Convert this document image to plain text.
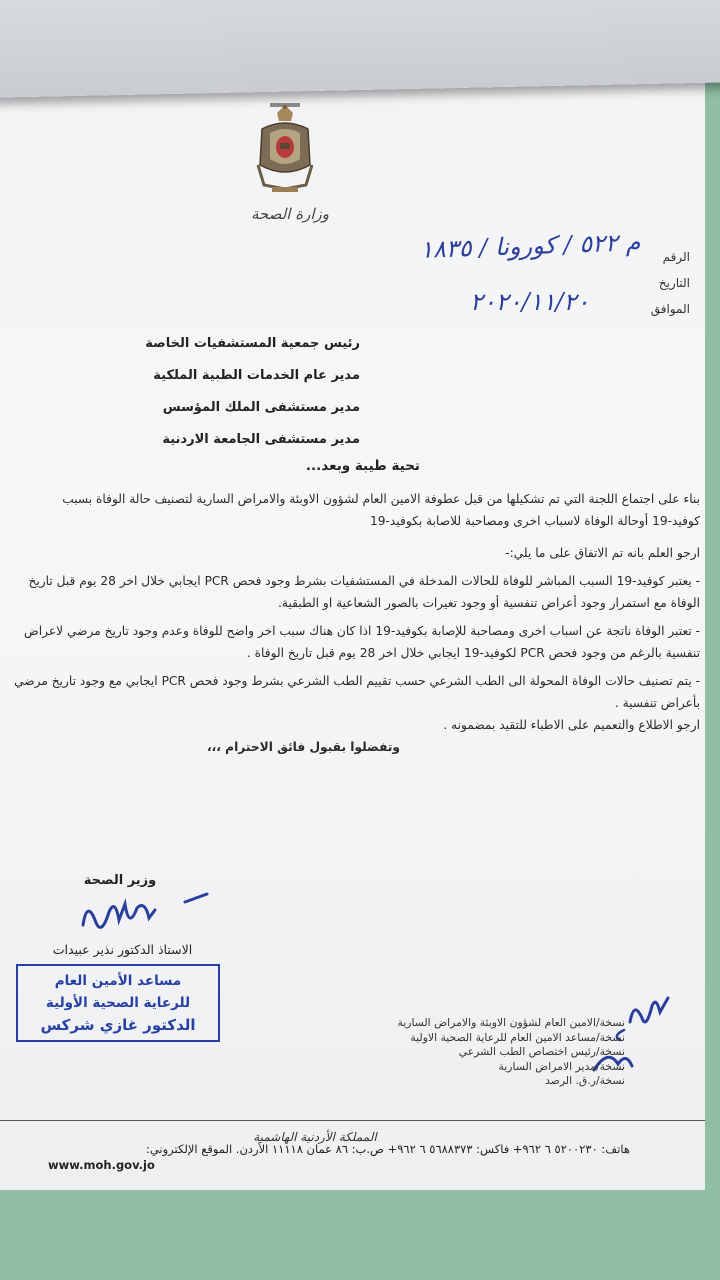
وزارة الصحة
الرقم
التاريخ
الموافق
م ٥٢٢ / كورونا / ١٨٣٥
٢٠٢٠/١١/٢٠
رئيس جمعية المستشفيات الخاصة
مدير عام الخدمات الطبية الملكية
مدير مستشفى الملك المؤسس
مدير مستشفى الجامعة الاردنية
تحية طيبة وبعد...

بناء على اجتماع اللجنة التي تم تشكيلها من قبل عطوفة الامين العام لشؤون الاوبئة والامراض السارية لتصنيف حالة الوفاة بسبب كوفيد-19 أوحالة الوفاة لاسباب اخرى ومصاحبة للاصابة بكوفيد-19

ارجو العلم بانه تم الاتفاق على ما يلي:-

- يعتبر كوفيد-19 السبب المباشر للوفاة للحالات المدخلة في المستشفيات بشرط وجود فحص PCR ايجابي خلال اخر 28 يوم قبل تاريخ الوفاة مع استمرار وجود أعراض تنفسية أو وجود تغيرات بالصور الشعاعية او الطبقية.

- تعتبر الوفاة ناتجة عن اسباب اخرى ومصاحبة للإصابة بكوفيد-19 اذا كان هناك سبب اخر واضح للوفاة وعدم وجود تاريخ مرضي لاعراض تنفسية بالرغم من وجود فحص PCR لكوفيد-19 ايجابي خلال اخر 28 يوم قبل تاريخ الوفاة .

- يتم تصنيف حالات الوفاة المحولة الى الطب الشرعي حسب تقييم الطب الشرعي بشرط وجود فحص PCR ايجابي مع وجود تاريخ مرضي بأعراض تنفسية .

ارجو الاطلاع والتعميم على الاطباء للتقيد بمضمونه .

وتفضلوا بقبول فائق الاحترام ،،،

وزير الصحة
الاستاذ الدكتور نذير عبيدات
مساعد الأمين العام
للرعاية الصحية الأولية
الدكتور غازي شركس	نسخة/الامين العام لشؤون الاوبئة والامراض السارية
نسخة/مساعد الامين العام للرعاية الصحية الاولية
نسخة/رئيس اختصاص الطب الشرعي
نسخة/مدير الامراض السارية
نسخة/ر.ق. الرصد
المملكة الأردنية الهاشمية
هاتف: ٥٢٠٠٢٣٠ ٦ ٩٦٢+ فاكس: ٥٦٨٨٣٧٣ ٦ ٩٦٢+ ص.ب: ٨٦ عمان ١١١١٨ الأردن. الموقع الإلكتروني:
www.moh.gov.jo
